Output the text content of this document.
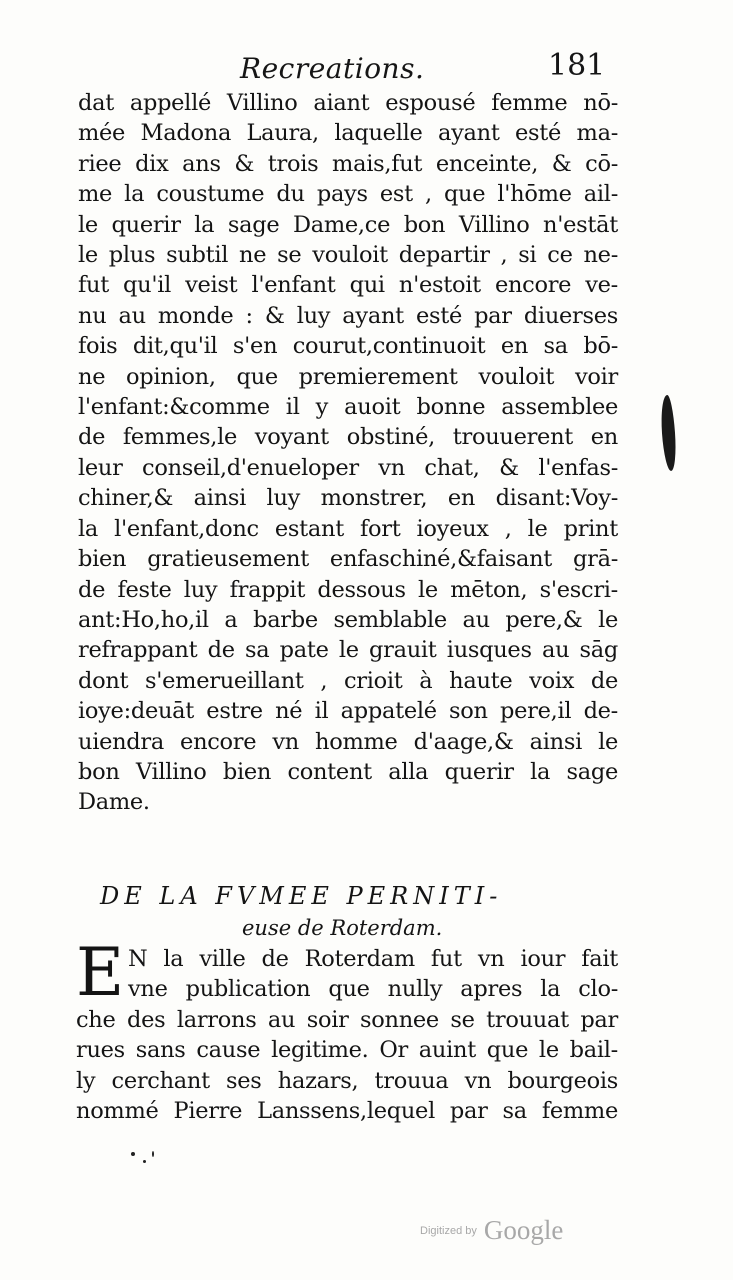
Recreations.	181
dat appellé Villino aiant espousé femme nō-
mée Madona Laura, laquelle ayant esté ma-
riee dix ans & trois mais,fut enceinte, & cō-
me la coustume du pays est , que l'hōme ail-
le querir la sage Dame,ce bon Villino n'estāt
le plus subtil ne se vouloit departir , si ce ne-
fut qu'il veist l'enfant qui n'estoit encore ve-
nu au monde : & luy ayant esté par diuerses
fois dit,qu'il s'en courut,continuoit en sa bō-
ne opinion, que premierement vouloit voir
l'enfant:&comme il y auoit bonne assemblee
de femmes,le voyant obstiné, trouuerent en
leur conseil,d'enueloper vn chat, & l'enfas-
chiner,& ainsi luy monstrer, en disant:Voy-
la l'enfant,donc estant fort ioyeux , le print
bien gratieusement enfaschiné,&faisant grā-
de feste luy frappit dessous le mēton, s'escri-
ant:Ho,ho,il a barbe semblable au pere,& le
refrappant de sa pate le grauit iusques au sāg
dont s'emerueillant , crioit à haute voix de
ioye:deuāt estre né il appatelé son pere,il de-
uiendra encore vn homme d'aage,& ainsi le
bon Villino bien content alla querir la sage
Dame.
DE LA FVMEE PERNITI-
euse de Roterdam.
E N la ville de Roterdam fut vn iour fait
vne publication que nully apres la clo-
che des larrons au soir sonnee se trouuat par
rues sans cause legitime. Or auint que le bail-
ly cerchant ses hazars, trouua vn bourgeois
nommé Pierre Lanssens,lequel par sa femme
Digitized by Google
